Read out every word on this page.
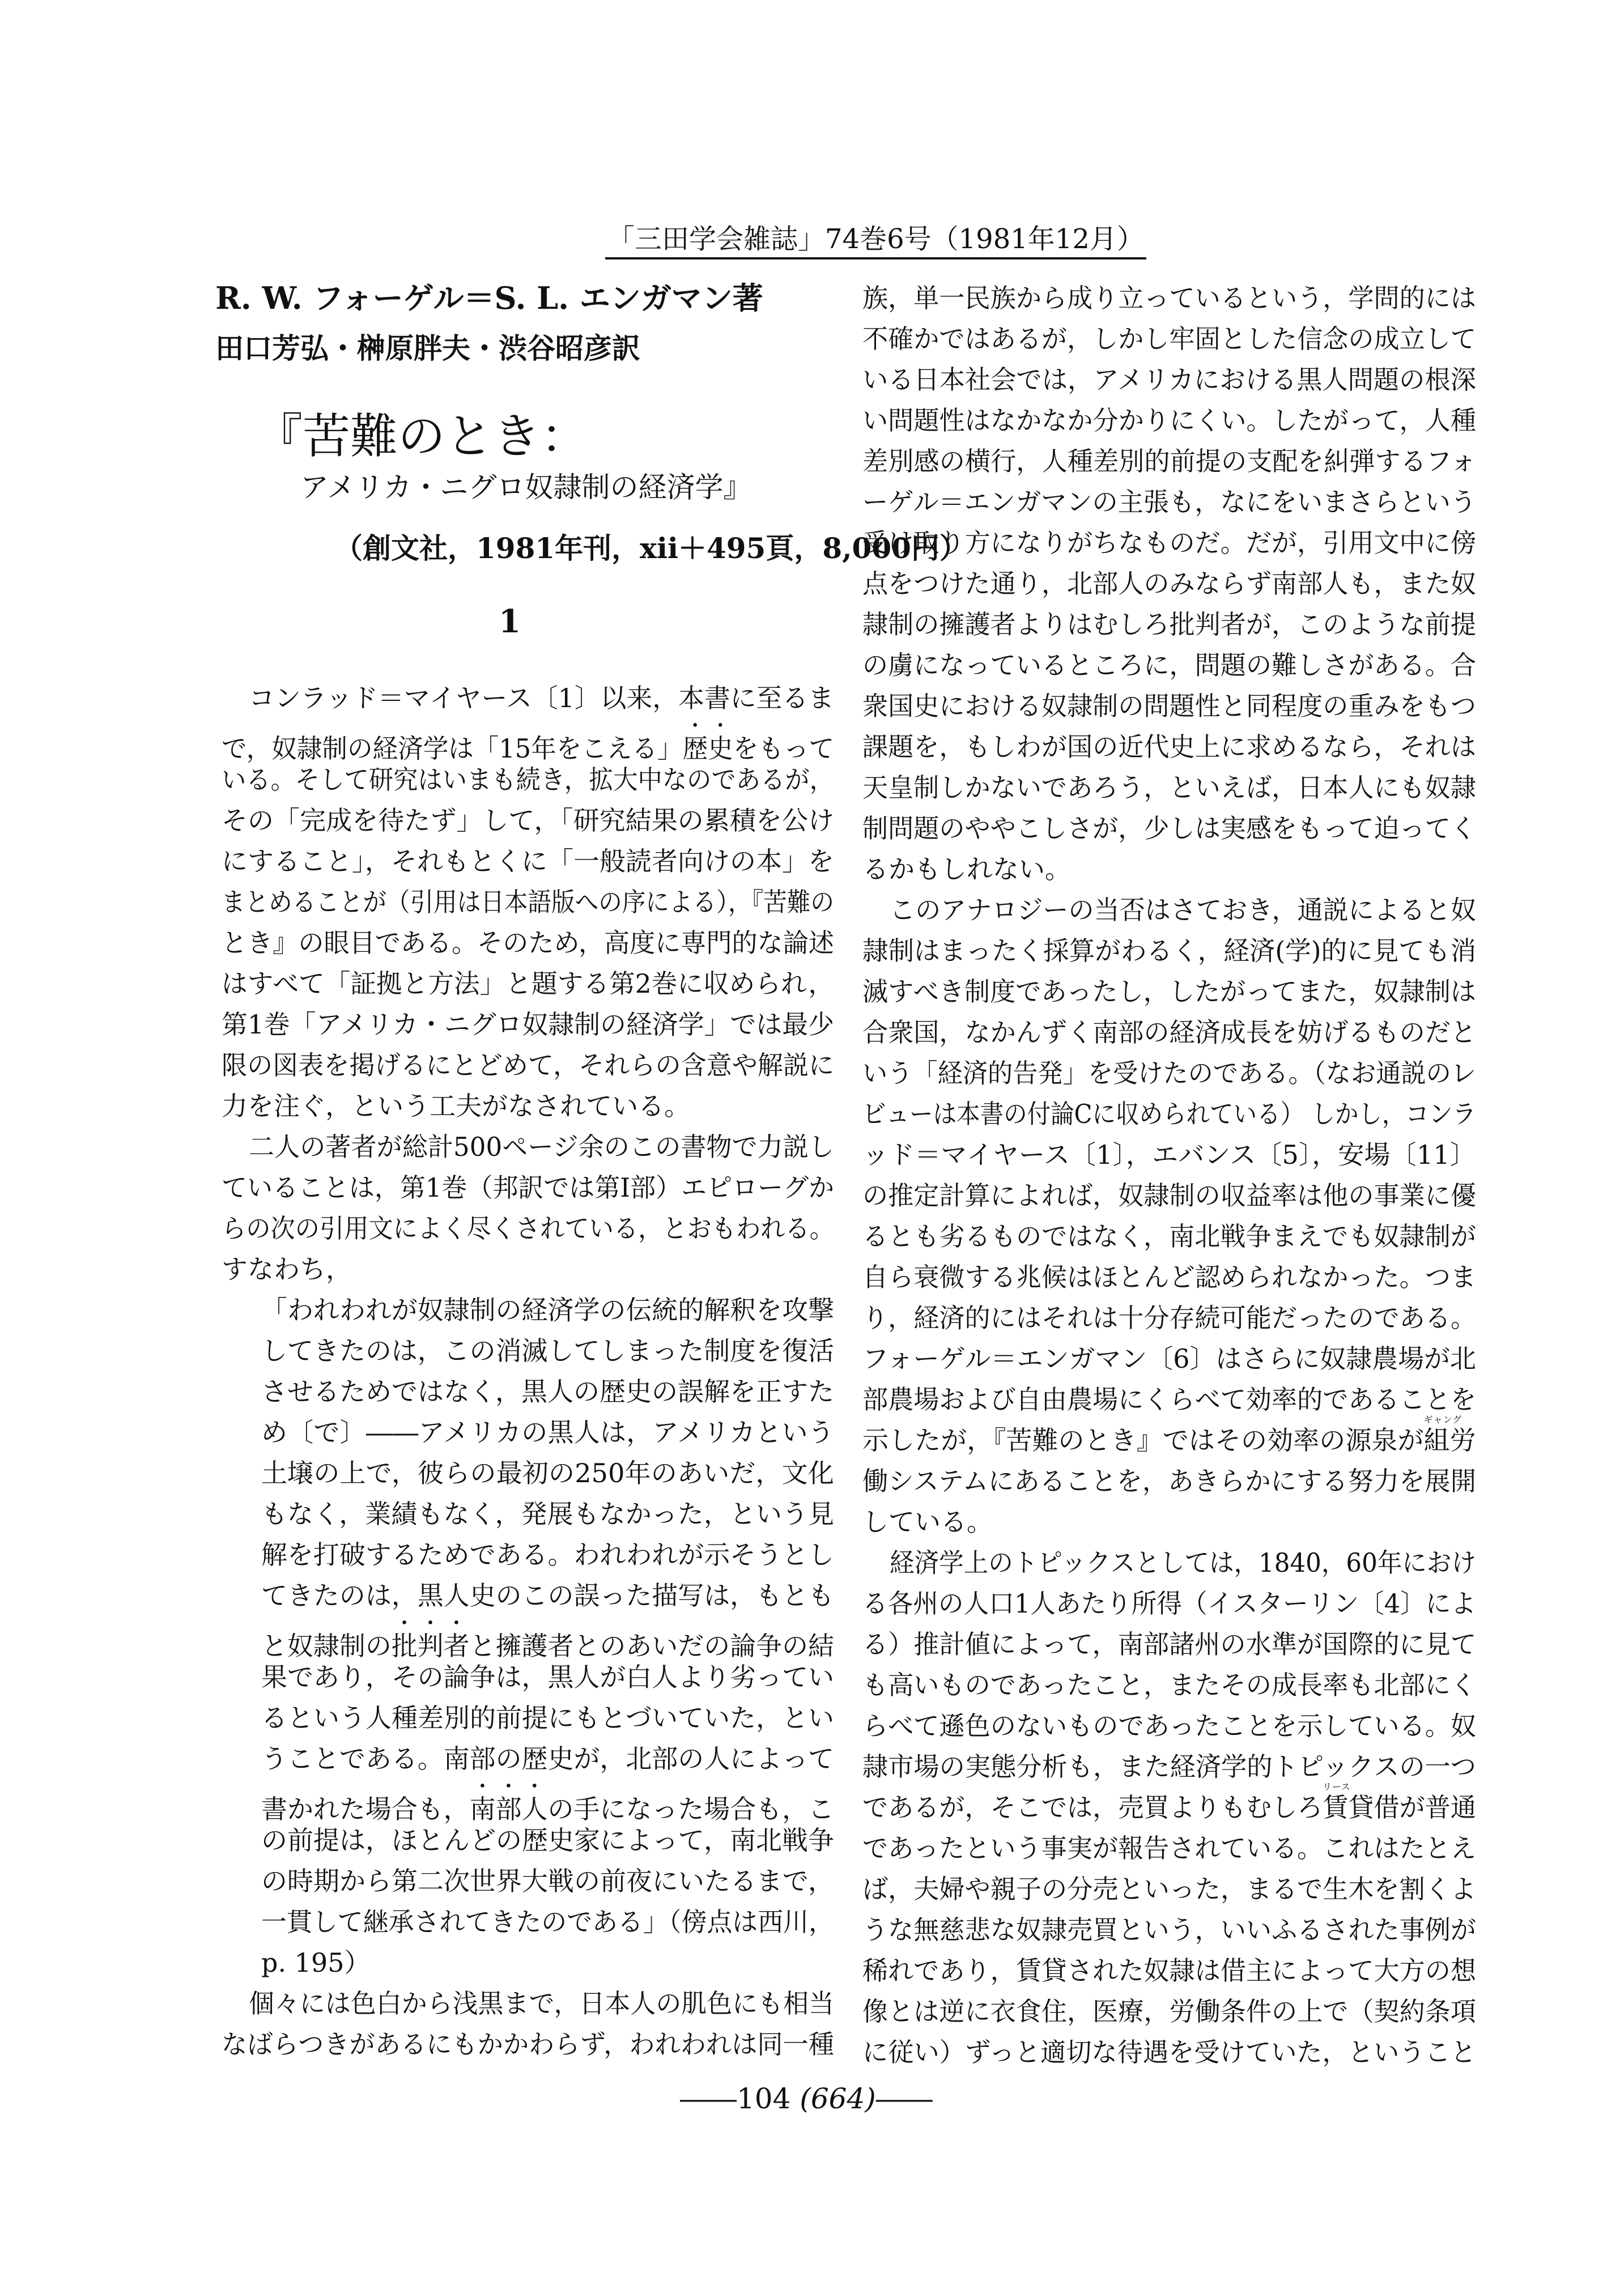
「三田学会雑誌」74巻6号（1981年12月）
R. W. フォーゲル＝S. L. エンガマン著
田口芳弘・榊原胖夫・渋谷昭彦訳
『苦難のとき：
アメリカ・ニグロ奴隷制の経済学』
（創文社，1981年刊，xii＋495頁，8,000円）
1
コンラッド＝マイヤース〔1〕以来，本書に至るま
で，奴隷制の経済学は「15年をこえる」歴史をもって
いる。そして研究はいまも続き，拡大中なのであるが，
その「完成を待たず」して，「研究結果の累積を公け
にすること」，それもとくに「一般読者向けの本」を
まとめることが（引用は日本語版への序による），『苦難の
とき』の眼目である。そのため，高度に専門的な論述
はすべて「証拠と方法」と題する第2巻に収められ，
第1巻「アメリカ・ニグロ奴隷制の経済学」では最少
限の図表を掲げるにとどめて，それらの含意や解説に
力を注ぐ，という工夫がなされている。
二人の著者が総計500ページ余のこの書物で力説し
ていることは，第1巻（邦訳では第I部）エピローグか
らの次の引用文によく尽くされている，とおもわれる。
すなわち，
「われわれが奴隷制の経済学の伝統的解釈を攻撃
してきたのは，この消滅してしまった制度を復活
させるためではなく，黒人の歴史の誤解を正すた
め〔で〕――アメリカの黒人は，アメリカという
土壌の上で，彼らの最初の250年のあいだ，文化
もなく，業績もなく，発展もなかった，という見
解を打破するためである。われわれが示そうとし
てきたのは，黒人史のこの誤った描写は，もとも
と奴隷制の批判者と擁護者とのあいだの論争の結
果であり，その論争は，黒人が白人より劣ってい
るという人種差別的前提にもとづいていた，とい
うことである。南部の歴史が，北部の人によって
書かれた場合も，南部人の手になった場合も，こ
の前提は，ほとんどの歴史家によって，南北戦争
の時期から第二次世界大戦の前夜にいたるまで，
一貫して継承されてきたのである」（傍点は西川，
p. 195）
個々には色白から浅黒まで，日本人の肌色にも相当
なばらつきがあるにもかかわらず，われわれは同一種
族，単一民族から成り立っているという，学問的には
不確かではあるが，しかし牢固とした信念の成立して
いる日本社会では，アメリカにおける黒人問題の根深
い問題性はなかなか分かりにくい。したがって，人種
差別感の横行，人種差別的前提の支配を糾弾するフォ
ーゲル＝エンガマンの主張も，なにをいまさらという
受け取り方になりがちなものだ。だが，引用文中に傍
点をつけた通り，北部人のみならず南部人も，また奴
隷制の擁護者よりはむしろ批判者が，このような前提
の虜になっているところに，問題の難しさがある。合
衆国史における奴隷制の問題性と同程度の重みをもつ
課題を，もしわが国の近代史上に求めるなら，それは
天皇制しかないであろう，といえば，日本人にも奴隷
制問題のややこしさが，少しは実感をもって迫ってく
るかもしれない。
このアナロジーの当否はさておき，通説によると奴
隷制はまったく採算がわるく，経済(学)的に見ても消
滅すべき制度であったし，したがってまた，奴隷制は
合衆国，なかんずく南部の経済成長を妨げるものだと
いう「経済的告発」を受けたのである。（なお通説のレ
ビューは本書の付論Cに収められている） しかし，コンラ
ッド＝マイヤース〔1〕，エバンス〔5〕，安場〔11〕
の推定計算によれば，奴隷制の収益率は他の事業に優
るとも劣るものではなく，南北戦争まえでも奴隷制が
自ら衰微する兆候はほとんど認められなかった。つま
り，経済的にはそれは十分存続可能だったのである。
フォーゲル＝エンガマン〔6〕はさらに奴隷農場が北
部農場および自由農場にくらべて効率的であることを
示したが，『苦難のとき』ではその効率の源泉が組
ギャング
労
働システムにあることを，あきらかにする努力を展開
している。
経済学上のトピックスとしては，1840，60年におけ
る各州の人口1人あたり所得（イスターリン〔4〕によ
る）推計値によって，南部諸州の水準が国際的に見て
も高いものであったこと，またその成長率も北部にく
らべて遜色のないものであったことを示している。奴
隷市場の実態分析も，また経済学的トピックスの一つ
であるが，そこでは，売買よりもむしろ賃貸
リース
借が普通
であったという事実が報告されている。これはたとえ
ば，夫婦や親子の分売といった，まるで生木を割くよ
うな無慈悲な奴隷売買という，いいふるされた事例が
稀れであり，賃貸された奴隷は借主によって大方の想
像とは逆に衣食住，医療，労働条件の上で（契約条項
に従い）ずっと適切な待遇を受けていた，ということ
――104 (664)――
